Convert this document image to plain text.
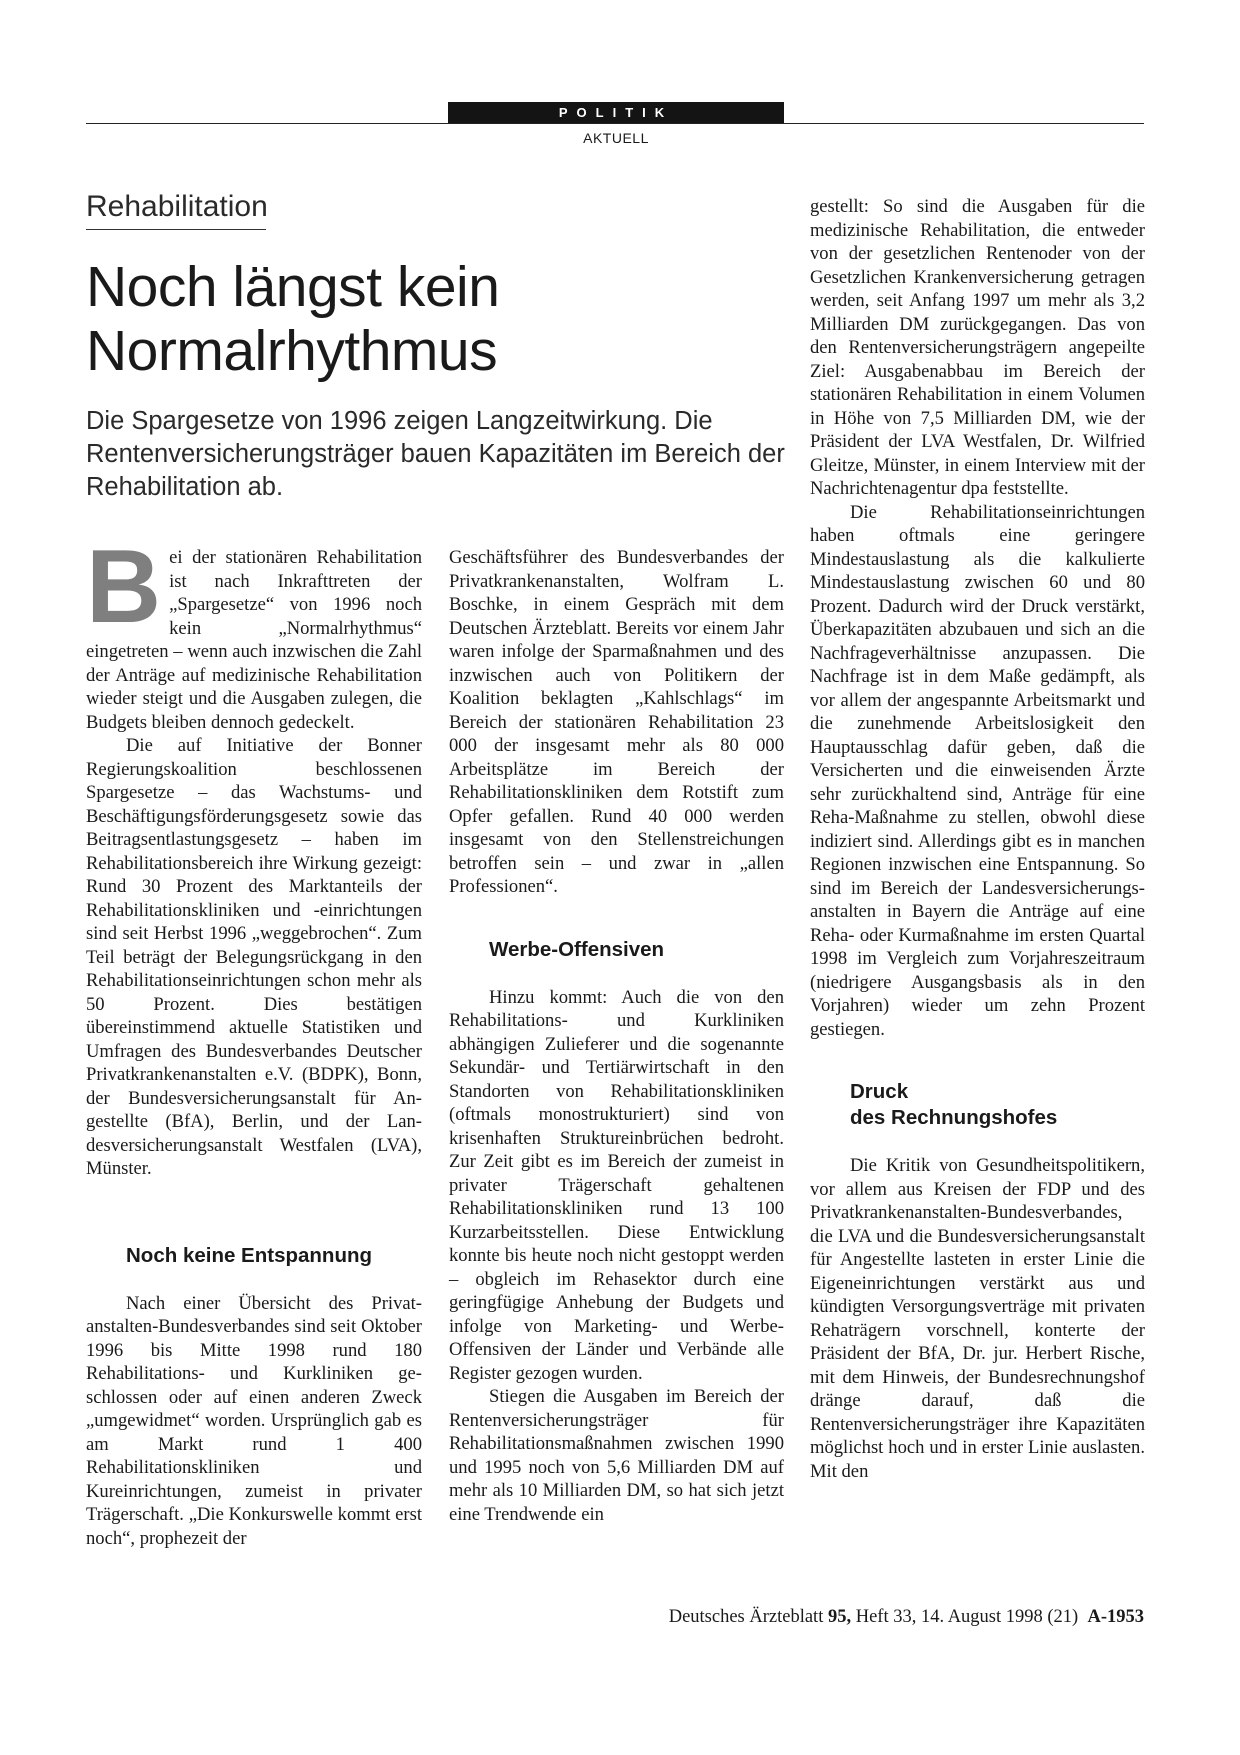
POLITIK
AKTUELL
Rehabilitation
Noch längst kein Normalrhythmus

Die Spargesetze von 1996 zeigen Langzeitwirkung. Die Rentenversicherungsträger bauen Kapazitäten im Bereich der Rehabilitation ab.

B ei der stationären Rehabilitation ist nach Inkrafttreten der „Spargesetze“ von 1996 noch kein „Normalrhythmus“ eingetreten – wenn auch inzwischen die Zahl der Anträge auf medizinische Rehabilitation wieder steigt und die Ausgaben zulegen, die Budgets bleiben dennoch gedeckelt.

Die auf Initiative der Bonner Regierungskoalition beschlossenen Spargesetze – das Wachstums- und Beschäftigungsförderungsgesetz sowie das Beitragsentlastungsgesetz – haben im Rehabilitationsbereich ihre Wirkung gezeigt: Rund 30 Prozent des Marktanteils der Rehabilitationskliniken und -einrichtungen sind seit Herbst 1996 „weggebrochen“. Zum Teil beträgt der Belegungsrückgang in den Rehabilitationseinrichtungen schon mehr als 50 Prozent. Dies bestätigen übereinstimmend aktuelle Statistiken und Umfragen des Bundesverbandes Deutscher Privatkrankenanstalten e.V. (BDPK), Bonn, der Bundesversicherungsanstalt für Angestellte (BfA), Berlin, und der Landesversicherungsanstalt Westfalen (LVA), Münster.

Noch keine Entspannung

Nach einer Übersicht des Privatanstalten-Bundesverbandes sind seit Oktober 1996 bis Mitte 1998 rund 180 Rehabilitations- und Kurkliniken geschlossen oder auf einen anderen Zweck „umgewidmet“ worden. Ursprünglich gab es am Markt rund 1 400 Rehabilitationskliniken und Kureinrichtungen, zumeist in privater Trägerschaft. „Die Konkurswelle kommt erst noch“, prophezeit der

Geschäftsführer des Bundesverbandes der Privatkrankenanstalten, Wolfram L. Boschke, in einem Gespräch mit dem Deutschen Ärzteblatt. Bereits vor einem Jahr waren infolge der Sparmaßnahmen und des inzwischen auch von Politikern der Koalition beklagten „Kahlschlags“ im Bereich der stationären Rehabilitation 23 000 der insgesamt mehr als 80 000 Arbeitsplätze im Bereich der Rehabilitationskliniken dem Rotstift zum Opfer gefallen. Rund 40 000 werden insgesamt von den Stellenstreichungen betroffen sein – und zwar in „allen Professionen“.

Werbe-Offensiven

Hinzu kommt: Auch die von den Rehabilitations- und Kurkliniken abhängigen Zulieferer und die sogenannte Sekundär- und Tertiärwirtschaft in den Standorten von Rehabilitationskliniken (oftmals monostrukturiert) sind von krisenhaften Struktureinbrüchen bedroht. Zur Zeit gibt es im Bereich der zumeist in privater Trägerschaft gehaltenen Rehabilitationskliniken rund 13 100 Kurzarbeitsstellen. Diese Entwicklung konnte bis heute noch nicht gestoppt werden – obgleich im Rehasektor durch eine geringfügige Anhebung der Budgets und infolge von Marketing- und Werbe-Offensiven der Länder und Verbände alle Register gezogen wurden.

Stiegen die Ausgaben im Bereich der Rentenversicherungsträger für Rehabilitationsmaßnahmen zwischen 1990 und 1995 noch von 5,6 Milliarden DM auf mehr als 10 Milliarden DM, so hat sich jetzt eine Trendwende ein

gestellt: So sind die Ausgaben für die medizinische Rehabilitation, die entweder von der gesetzlichen Rentenoder von der Gesetzlichen Krankenversicherung getragen werden, seit Anfang 1997 um mehr als 3,2 Milliarden DM zurückgegangen. Das von den Rentenversicherungsträgern angepeilte Ziel: Ausgabenabbau im Bereich der stationären Rehabilitation in einem Volumen in Höhe von 7,5 Milliarden DM, wie der Präsident der LVA Westfalen, Dr. Wilfried Gleitze, Münster, in einem Interview mit der Nachrichtenagentur dpa feststellte.

Die Rehabilitationseinrichtungen haben oftmals eine geringere Mindestauslastung als die kalkulierte Mindestauslastung zwischen 60 und 80 Prozent. Dadurch wird der Druck verstärkt, Überkapazitäten abzubauen und sich an die Nachfrageverhältnisse anzupassen. Die Nachfrage ist in dem Maße gedämpft, als vor allem der angespannte Arbeitsmarkt und die zunehmende Arbeitslosigkeit den Hauptausschlag dafür geben, daß die Versicherten und die einweisenden Ärzte sehr zurückhaltend sind, Anträge für eine Reha-Maßnahme zu stellen, obwohl diese indiziert sind. Allerdings gibt es in manchen Regionen inzwischen eine Entspannung. So sind im Bereich der Landesversicherungsanstalten in Bayern die Anträge auf eine Reha- oder Kurmaßnahme im ersten Quartal 1998 im Vergleich zum Vorjahreszeitraum (niedrigere Ausgangsbasis als in den Vorjahren) wieder um zehn Prozent gestiegen.

Druck
des Rechnungshofes

Die Kritik von Gesundheitspolitikern, vor allem aus Kreisen der FDP und des Privatkrankenanstalten-Bundesverbandes, die LVA und die Bundesversicherungsanstalt für Angestellte lasteten in erster Linie die Eigeneinrichtungen verstärkt aus und kündigten Versorgungsverträge mit privaten Rehaträgern vorschnell, konterte der Präsident der BfA, Dr. jur. Herbert Rische, mit dem Hinweis, der Bundesrechnungshof dränge darauf, daß die Rentenversicherungsträger ihre Kapazitäten möglichst hoch und in erster Linie auslasten. Mit den

Deutsches Ärzteblatt 95, Heft 33, 14. August 1998 (21) A-1953
